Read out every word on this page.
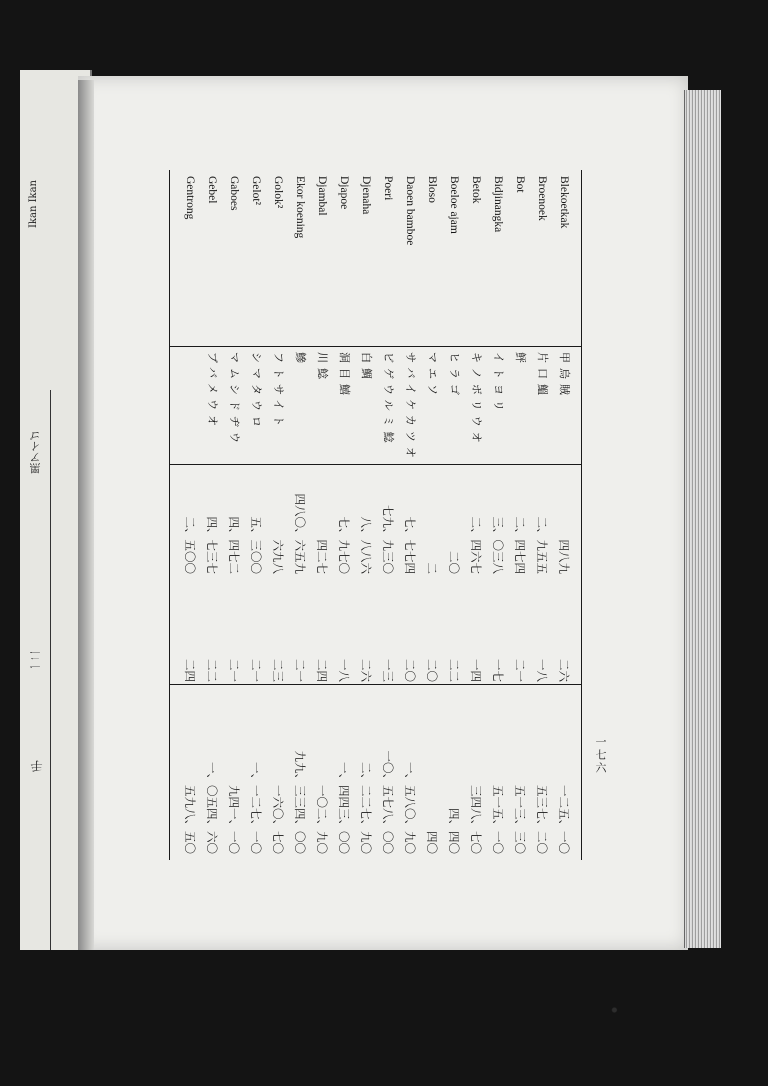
Ikan Ikan
黑アイゴ
一二
手
Blekoetkak
甲烏賊
四八九
二六
一二五、一〇
Broenoek
片口鰮
二、九五五
一八
五三七、二〇
Bot
鮃
二、四七四
二一
五一三、三〇
Bidjinangka
イトヨリ
三、〇三八
一七
五一五、一〇
Betok
キノボリウオ
二、四六七
一四
三四八、七〇
Boeloe ajam
ヒラゴ
二〇
二二
四、四〇
Bloso
マエソ
二
二〇
四〇
Daoen bamboe
サバイケカツオ
七、七七四
二〇
一、五八〇、九〇
Poeri
ビゲウルミ鯰
七九、九三〇
一三
一〇、五七八、〇〇
Djenaha
白鯛
八、八八六
二六
二、二二七、九〇
Djapoe
洞目鱚
七、九七〇
一八
一、四四三、〇〇
Djambal
川鯰
四二七
二四
一〇二、九〇
Ekor koening
鰺
四八〇、六五九
二一
九九、三三四、〇〇
Golok²
フトサイト
六九八
二三
一六〇、七〇
Gelot²
シマタウロ
五、三〇〇
二一
一、一二七、一〇
Gaboes
マムシドヂウ
四、四七二
二一
九四一、一〇
Gebel
ブバメウオ
四、七三七
二二
一、〇五四、六〇
Gentrong
二、五〇〇
二四
五九八、五〇
一七六
